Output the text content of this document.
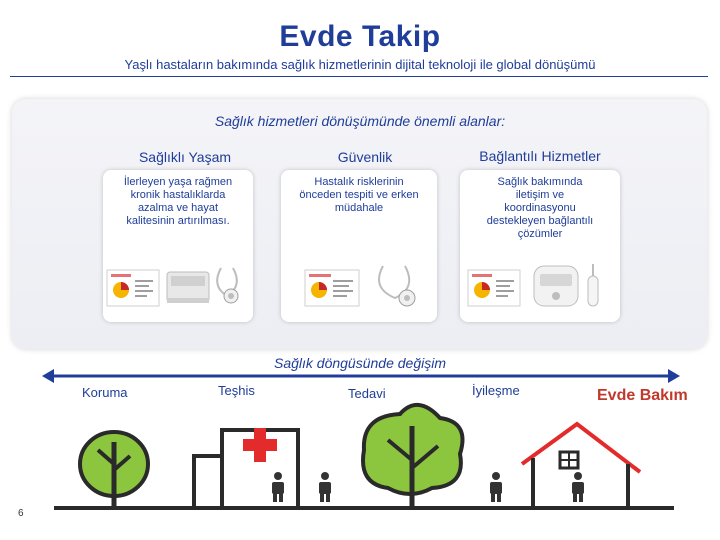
Evde Takip
Yaşlı hastaların bakımında sağlık hizmetlerinin dijital teknoloji ile global dönüşümü
Sağlık hizmetleri dönüşümünde önemli alanlar:
Sağlıklı Yaşam	Güvenlik	Bağlantılı Hizmetler
İlerleyen yaşa rağmen
kronik hastalıklarda
azalma ve hayat
kalitesinin artırılması.
Hastalık risklerinin
önceden tespiti ve erken
müdahale
Sağlık bakımında
iletişim ve
koordinasyonu
destekleyen bağlantılı
çözümler
Sağlık döngüsünde değişim
Koruma	Teşhis	Tedavi	İyileşme	Evde Bakım
6
